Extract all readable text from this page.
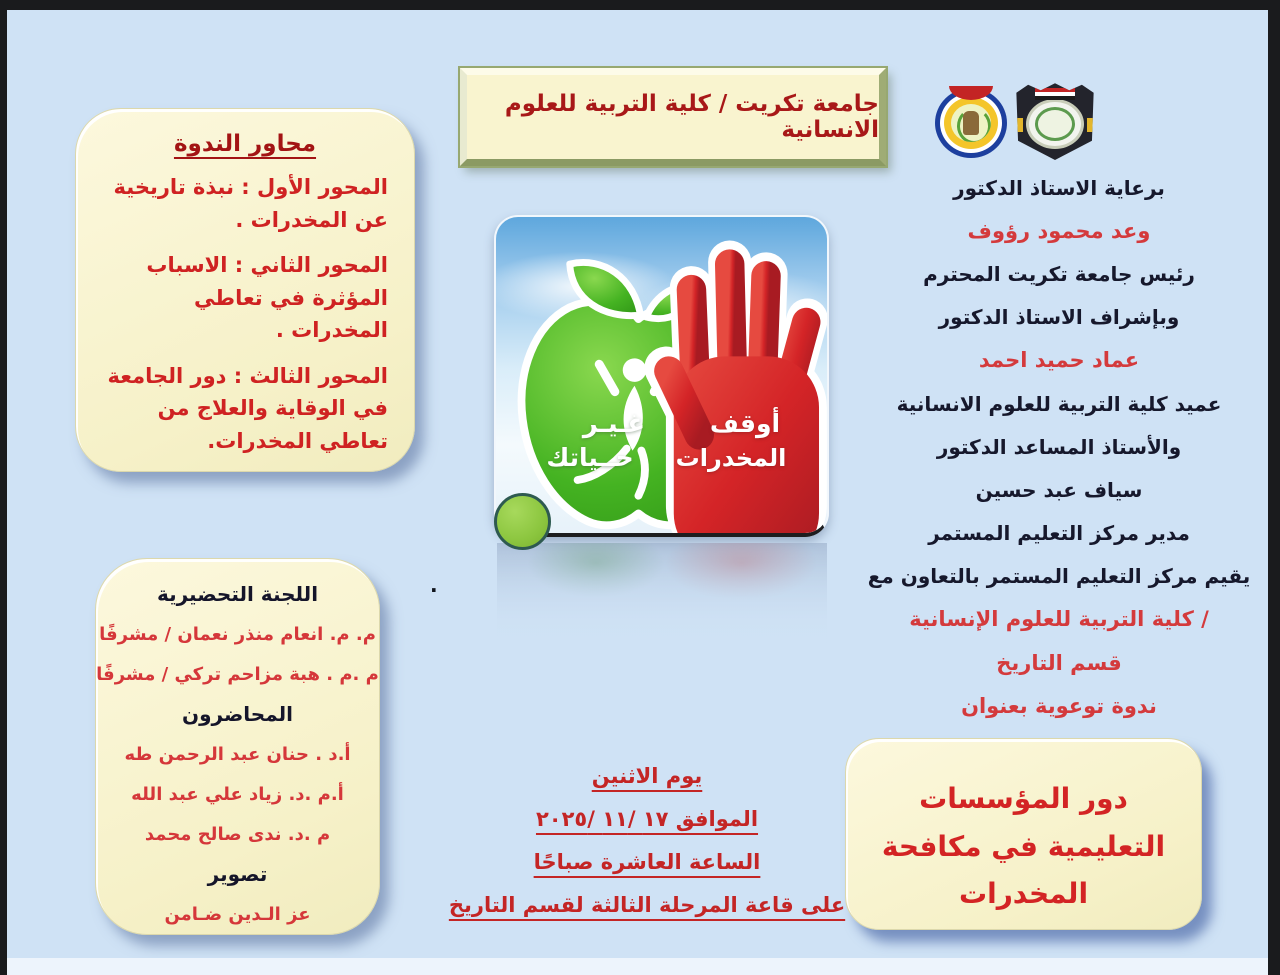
جامعة تكريت / كلية التربية للعلوم الانسانية
برعاية الاستاذ الدكتور
وعد محمود رؤوف
رئيس جامعة تكريت المحترم
وبإشراف الاستاذ الدكتور
عماد حميد احمد
عميد كلية التربية للعلوم الانسانية
والأستاذ المساعد الدكتور
سياف عبد حسين
مدير مركز التعليم المستمر
يقيم مركز التعليم المستمر بالتعاون مع
/ كلية التربية للعلوم الإنسانية
قسم التاريخ
ندوة توعوية بعنوان
محاور الندوة
المحور الأول : نبذة تاريخية عن المخدرات .
المحور الثاني : الاسباب المؤثرة في تعاطي المخدرات .
المحور الثالث : دور الجامعة في الوقاية والعلاج من تعاطي المخدرات.
غـيـر
حــياتك
أوقف
المخدرات
.
اللجنة التحضيرية
م. م. انعام منذر نعمان / مشرفًا
م .م . هبة مزاحم تركي / مشرفًا
المحاضرون
أ.د . حنان عبد الرحمن طه
أ.م .د. زياد علي عبد الله
م .د. ندى صالح محمد
تصوير
عز الـدين ضـامن
يوم الاثنين
الموافق ١٧ /١١ /٢٠٢٥
الساعة العاشرة صباحًا
على قاعة المرحلة الثالثة لقسم التاريخ
دور المؤسسات التعليمية في مكافحة المخدرات
